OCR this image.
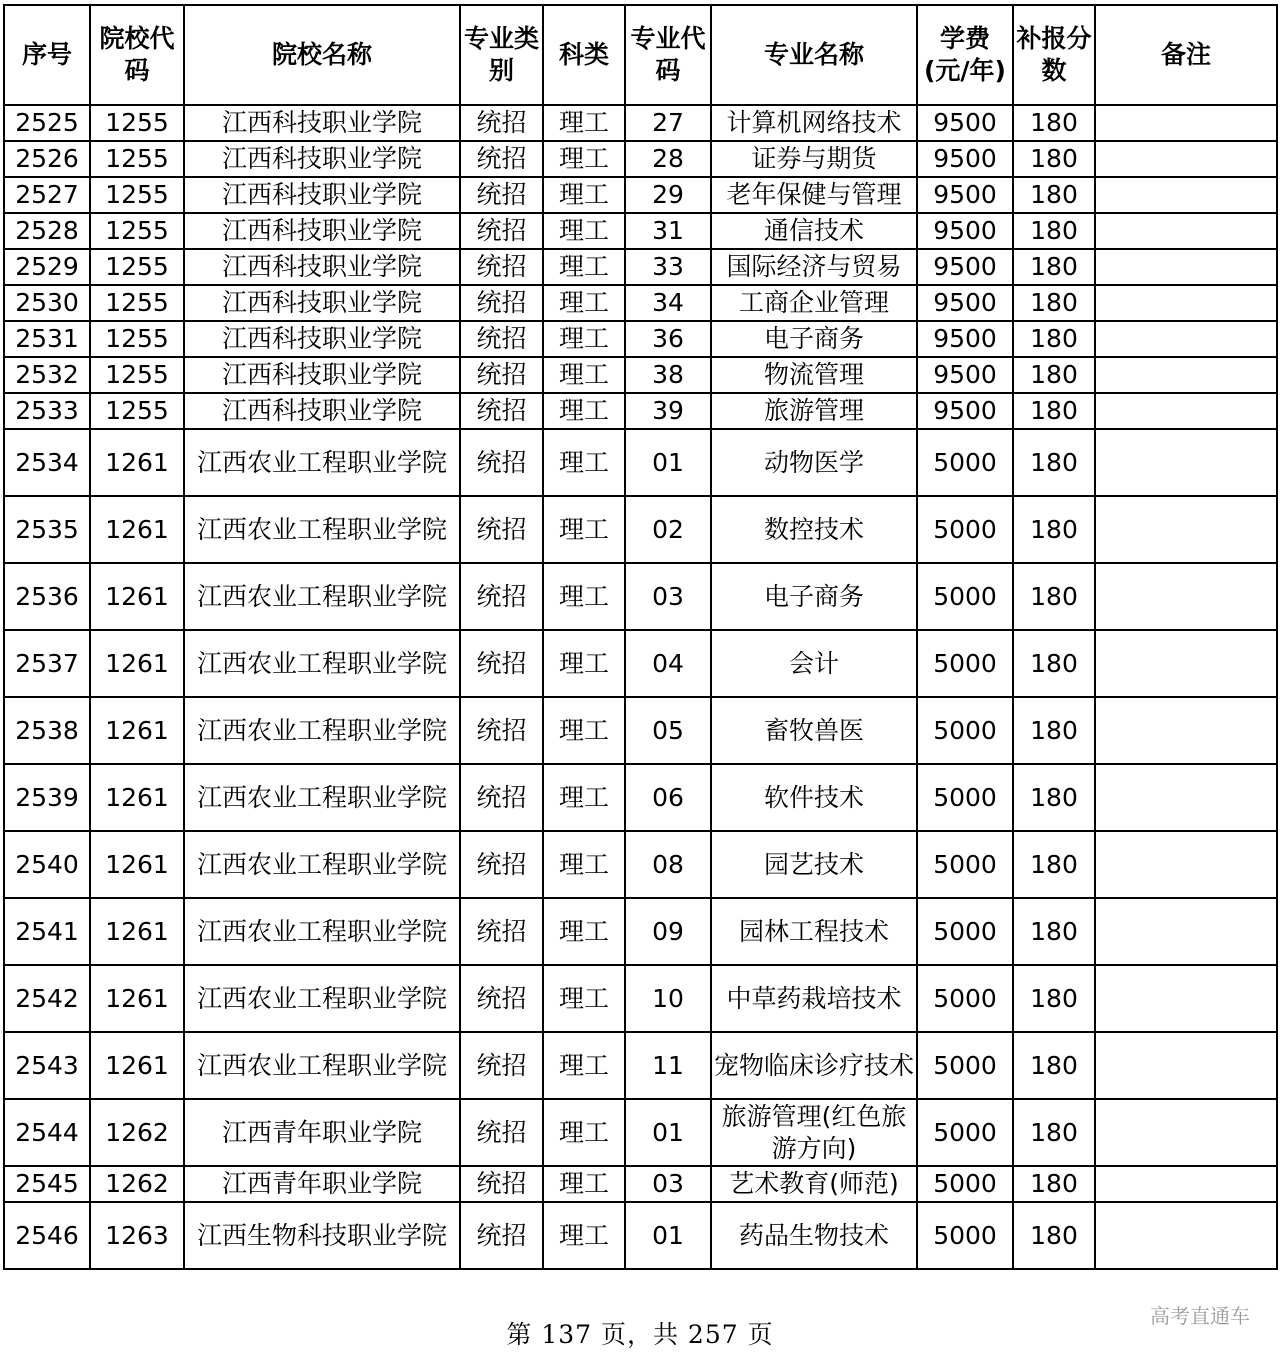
序号	院校代码	院校名称	专业类别	科类	专业代码	专业名称	学费(元/年)	补报分数	备注
2525	1255	江西科技职业学院	统招	理工	27	计算机网络技术	9500	180	
2526	1255	江西科技职业学院	统招	理工	28	证券与期货	9500	180	
2527	1255	江西科技职业学院	统招	理工	29	老年保健与管理	9500	180	
2528	1255	江西科技职业学院	统招	理工	31	通信技术	9500	180	
2529	1255	江西科技职业学院	统招	理工	33	国际经济与贸易	9500	180	
2530	1255	江西科技职业学院	统招	理工	34	工商企业管理	9500	180	
2531	1255	江西科技职业学院	统招	理工	36	电子商务	9500	180	
2532	1255	江西科技职业学院	统招	理工	38	物流管理	9500	180	
2533	1255	江西科技职业学院	统招	理工	39	旅游管理	9500	180	
2534	1261	江西农业工程职业学院	统招	理工	01	动物医学	5000	180	
2535	1261	江西农业工程职业学院	统招	理工	02	数控技术	5000	180	
2536	1261	江西农业工程职业学院	统招	理工	03	电子商务	5000	180	
2537	1261	江西农业工程职业学院	统招	理工	04	会计	5000	180	
2538	1261	江西农业工程职业学院	统招	理工	05	畜牧兽医	5000	180	
2539	1261	江西农业工程职业学院	统招	理工	06	软件技术	5000	180	
2540	1261	江西农业工程职业学院	统招	理工	08	园艺技术	5000	180	
2541	1261	江西农业工程职业学院	统招	理工	09	园林工程技术	5000	180	
2542	1261	江西农业工程职业学院	统招	理工	10	中草药栽培技术	5000	180	
2543	1261	江西农业工程职业学院	统招	理工	11	宠物临床诊疗技术	5000	180	
2544	1262	江西青年职业学院	统招	理工	01	旅游管理(红色旅游方向)	5000	180	
2545	1262	江西青年职业学院	统招	理工	03	艺术教育(师范)	5000	180	
2546	1263	江西生物科技职业学院	统招	理工	01	药品生物技术	5000	180	
第 137 页，共 257 页
高考直通车
